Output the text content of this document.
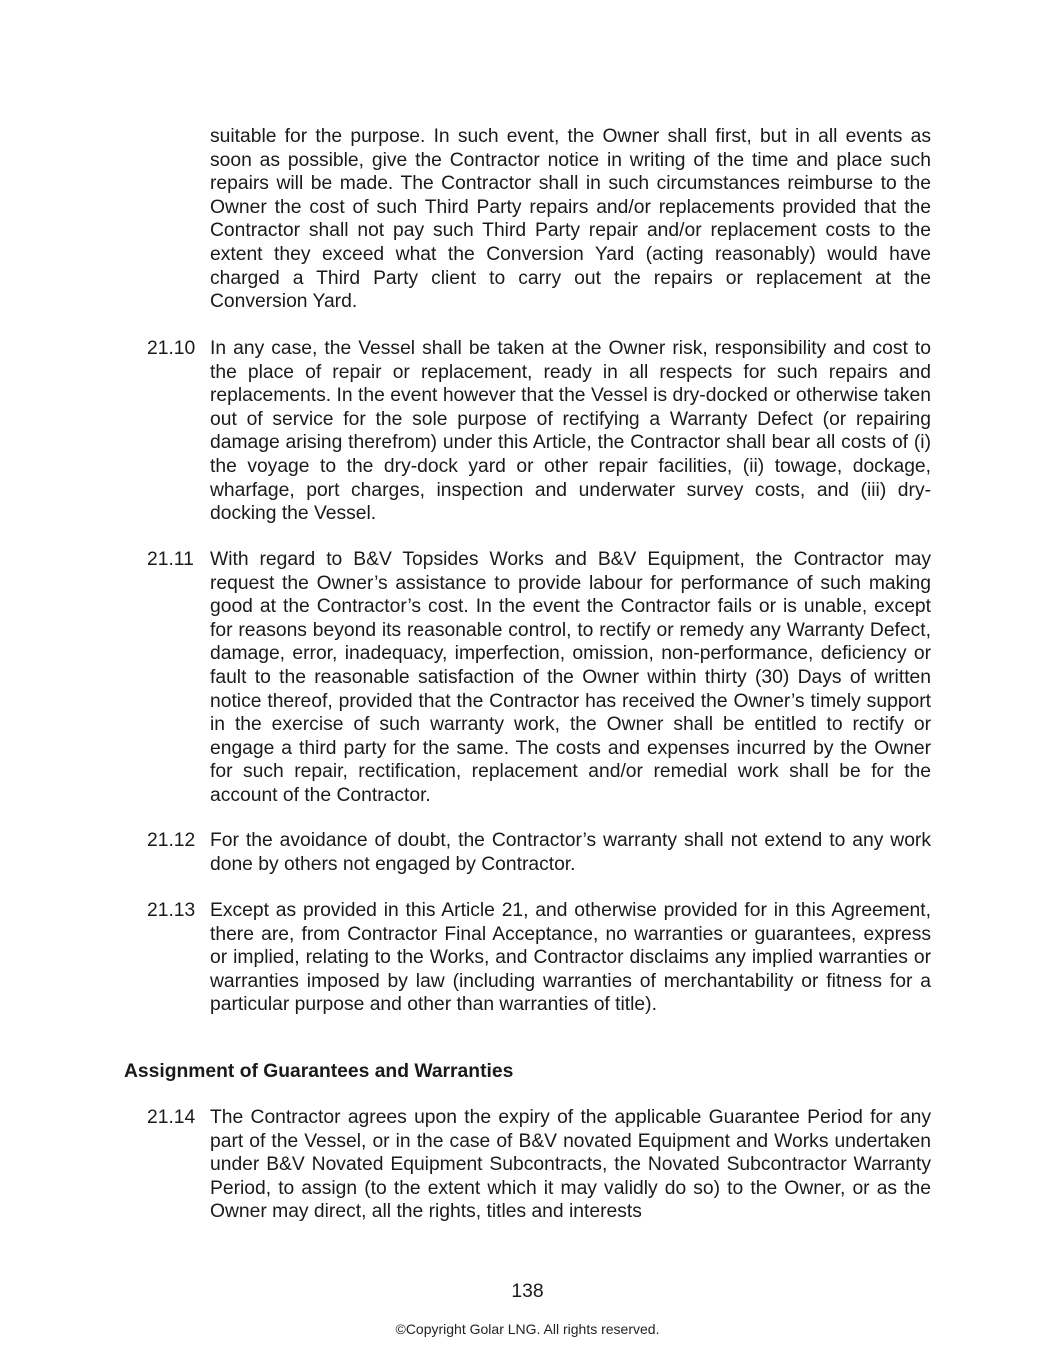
suitable for the purpose. In such event, the Owner shall first, but in all events as soon as possible, give the Contractor notice in writing of the time and place such repairs will be made. The Contractor shall in such circumstances reimburse to the Owner the cost of such Third Party repairs and/or replacements provided that the Contractor shall not pay such Third Party repair and/or replacement costs to the extent they exceed what the Conversion Yard (acting reasonably) would have charged a Third Party client to carry out the repairs or replacement at the Conversion Yard.

21.10 In any case, the Vessel shall be taken at the Owner risk, responsibility and cost to the place of repair or replacement, ready in all respects for such repairs and replacements. In the event however that the Vessel is dry-docked or otherwise taken out of service for the sole purpose of rectifying a Warranty Defect (or repairing damage arising therefrom) under this Article, the Contractor shall bear all costs of (i) the voyage to the dry-dock yard or other repair facilities, (ii) towage, dockage, wharfage, port charges, inspection and underwater survey costs, and (iii) dry-docking the Vessel.
21.11 With regard to B&V Topsides Works and B&V Equipment, the Contractor may request the Owner’s assistance to provide labour for performance of such making good at the Contractor’s cost. In the event the Contractor fails or is unable, except for reasons beyond its reasonable control, to rectify or remedy any Warranty Defect, damage, error, inadequacy, imperfection, omission, non-performance, deficiency or fault to the reasonable satisfaction of the Owner within thirty (30) Days of written notice thereof, provided that the Contractor has received the Owner’s timely support in the exercise of such warranty work, the Owner shall be entitled to rectify or engage a third party for the same. The costs and expenses incurred by the Owner for such repair, rectification, replacement and/or remedial work shall be for the account of the Contractor.
21.12 For the avoidance of doubt, the Contractor’s warranty shall not extend to any work done by others not engaged by Contractor.
21.13 Except as provided in this Article 21, and otherwise provided for in this Agreement, there are, from Contractor Final Acceptance, no warranties or guarantees, express or implied, relating to the Works, and Contractor disclaims any implied warranties or warranties imposed by law (including warranties of merchantability or fitness for a particular purpose and other than warranties of title).

Assignment of Guarantees and Warranties

21.14 The Contractor agrees upon the expiry of the applicable Guarantee Period for any part of the Vessel, or in the case of B&V novated Equipment and Works undertaken under B&V Novated Equipment Subcontracts, the Novated Subcontractor Warranty Period, to assign (to the extent which it may validly do so) to the Owner, or as the Owner may direct, all the rights, titles and interests
138
©Copyright Golar LNG. All rights reserved.
